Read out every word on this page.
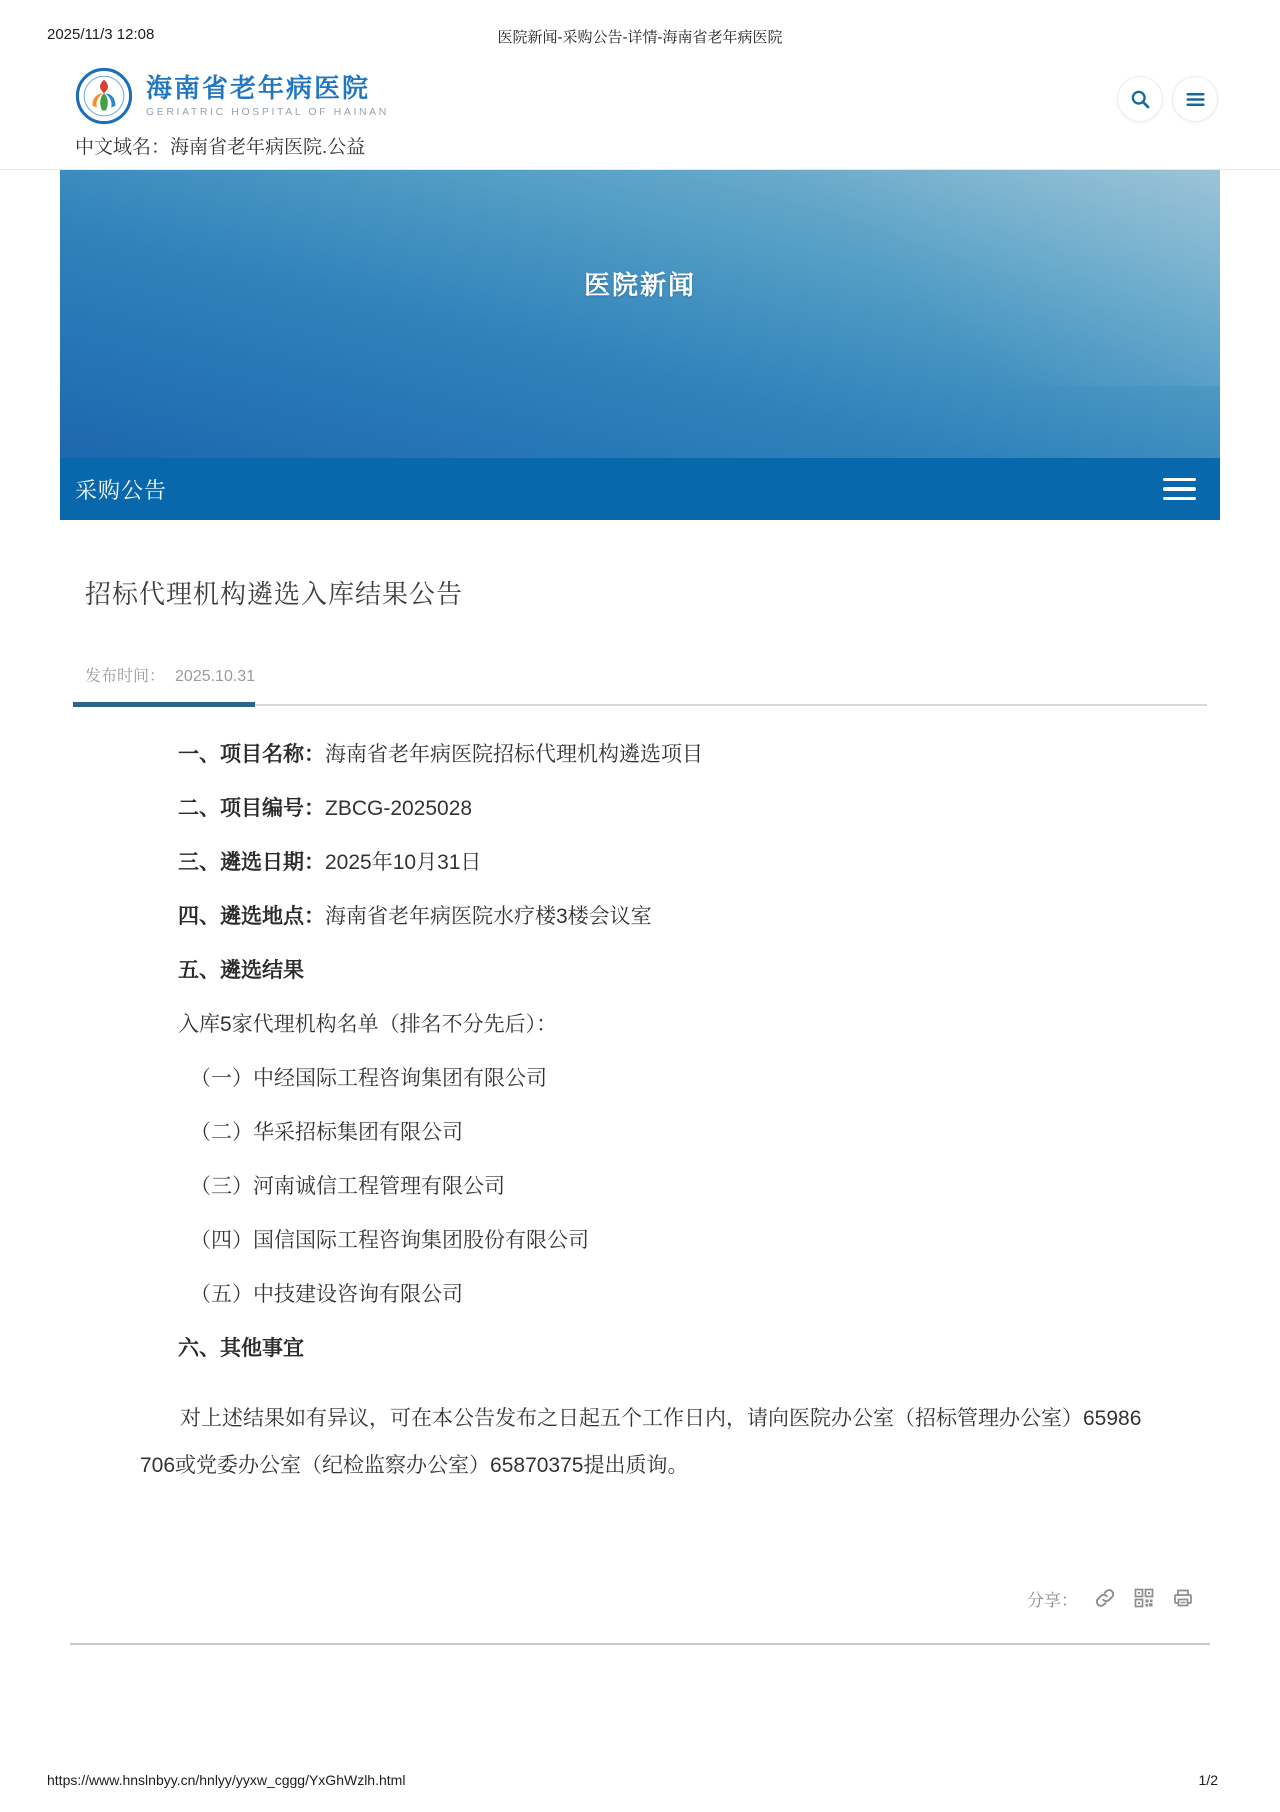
2025/11/3 12:08	医院新闻-采购公告-详情-海南省老年病医院
海南省老年病医院
GERIATRIC HOSPITAL OF HAINAN
中文域名：海南省老年病医院.公益
医院新闻
采购公告
招标代理机构遴选入库结果公告
发布时间： 2025.10.31

一、项目名称：海南省老年病医院招标代理机构遴选项目

二、项目编号：ZBCG-2025028

三、遴选日期：2025年10月31日

四、遴选地点：海南省老年病医院水疗楼3楼会议室

五、遴选结果

入库5家代理机构名单（排名不分先后）：

（一）中经国际工程咨询集团有限公司

（二）华采招标集团有限公司

（三）河南诚信工程管理有限公司

（四）国信国际工程咨询集团股份有限公司

（五）中技建设咨询有限公司

六、其他事宜

对上述结果如有异议，可在本公告发布之日起五个工作日内，请向医院办公室（招标管理办公室）65986706或党委办公室（纪检监察办公室）65870375提出质询。

分享：
https://www.hnslnbyy.cn/hnlyy/yyxw_cggg/YxGhWzlh.html	1/2
